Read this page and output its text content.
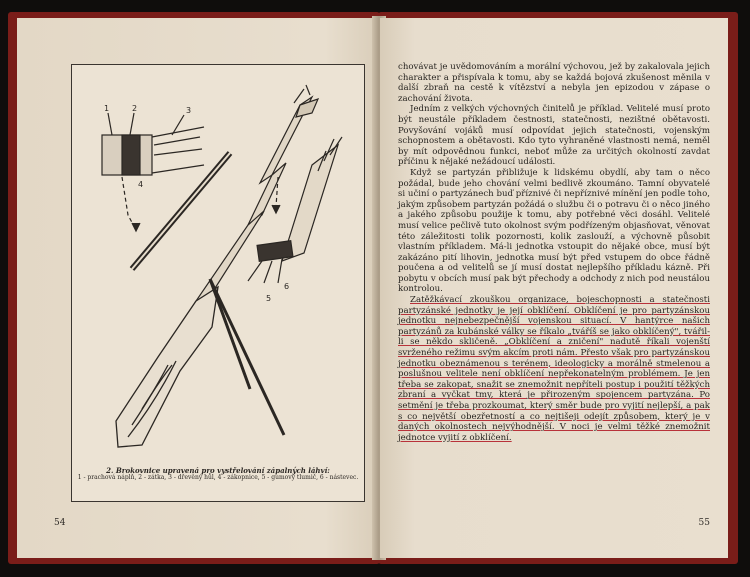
1	2	3
4
5
6
2. Brokovnice upravená pro vystřelování zápalných láhví:
1 - prachová náplň, 2 - zátka, 3 - dřevěný hůl, 4 - zákopnice, 5 - gumový tlumič, 6 - násteveс.
54

chovávat je uvědomováním a morální výchovou, jež by zakalovala jejich charakter a přispívala k tomu, aby se každá bojová zkušenost měnila v další zbraň na cestě k vítězství a nebyla jen epizodou v zápase o zachování života.

Jedním z velkých výchovných činitelů je příklad. Velitelé musí proto být neustále příkladem čestnosti, statečnosti, nezištné obětavosti. Povyšování vojáků musí odpovídat jejich statečnosti, vojenským schopnostem a obětavosti. Kdo tyto vyhraněné vlastnosti nemá, neměl by mít odpovědnou funkci, neboť může za určitých okolností zavdat příčinu k nějaké nežádoucí události.

Když se partyzán přibližuje k lidskému obydlí, aby tam o něco požádal, bude jeho chování velmi bedlivě zkoumáno. Tamní obyvatelé si učiní o partyzánech buď příznivé či nepříznivé mínění jen podle toho, jakým způsobem partyzán požádá o službu či o potravu či o něco jiného a jakého způsobu použije k tomu, aby potřebné věci dosáhl. Velitelé musí velice pečlivě tuto okolnost svým podřízeným objasňovat, věnovat této záležitosti tolik pozornosti, kolik zaslouží, a výchovně působit vlastním příkladem. Má-li jednotka vstoupit do nějaké obce, musí být zakázáno pití lihovin, jednotka musí být před vstupem do obce řádně poučena a od velitelů se jí musí dostat nejlepšího příkladu kázně. Při pobytu v obcích musí pak být přechody a odchody z nich pod neustálou kontrolou.

Zatěžkávací zkouškou organizace, bojeschopnosti a statečnosti partyzánské jednotky je její obklíčení. Obklíčení je pro partyzánskou jednotku nejnebezpečnější vojenskou situací. V hantýrce našich partyzánů za kubánské války se říkalo „tváříš se jako obklíčený", tvářil-li se někdo skličeně. „Obklíčení a zničení" nadutě říkali vojenští svrženého režimu svým akcím proti nám. Přesto však pro partyzánskou jednotku obeznámenou s terénem, ideologicky a morálně stmelenou a poslušnou velitele není obklíčení nepřekonatelným problémem. Je jen třeba se zakopat, snažit se znemožnit nepříteli postup i použití těžkých zbraní a vyčkat tmy, která je přirozeným spojencem partyzána. Po setmění je třeba prozkoumat, který směr bude pro vyjití nejlepší, a pak s co největší obezřetností a co nejtišeji odejít způsobem, který je v daných okolnostech nejvýhodnější. V noci je velmi těžké znemožnit jednotce vyjití z obklíčení.

55
